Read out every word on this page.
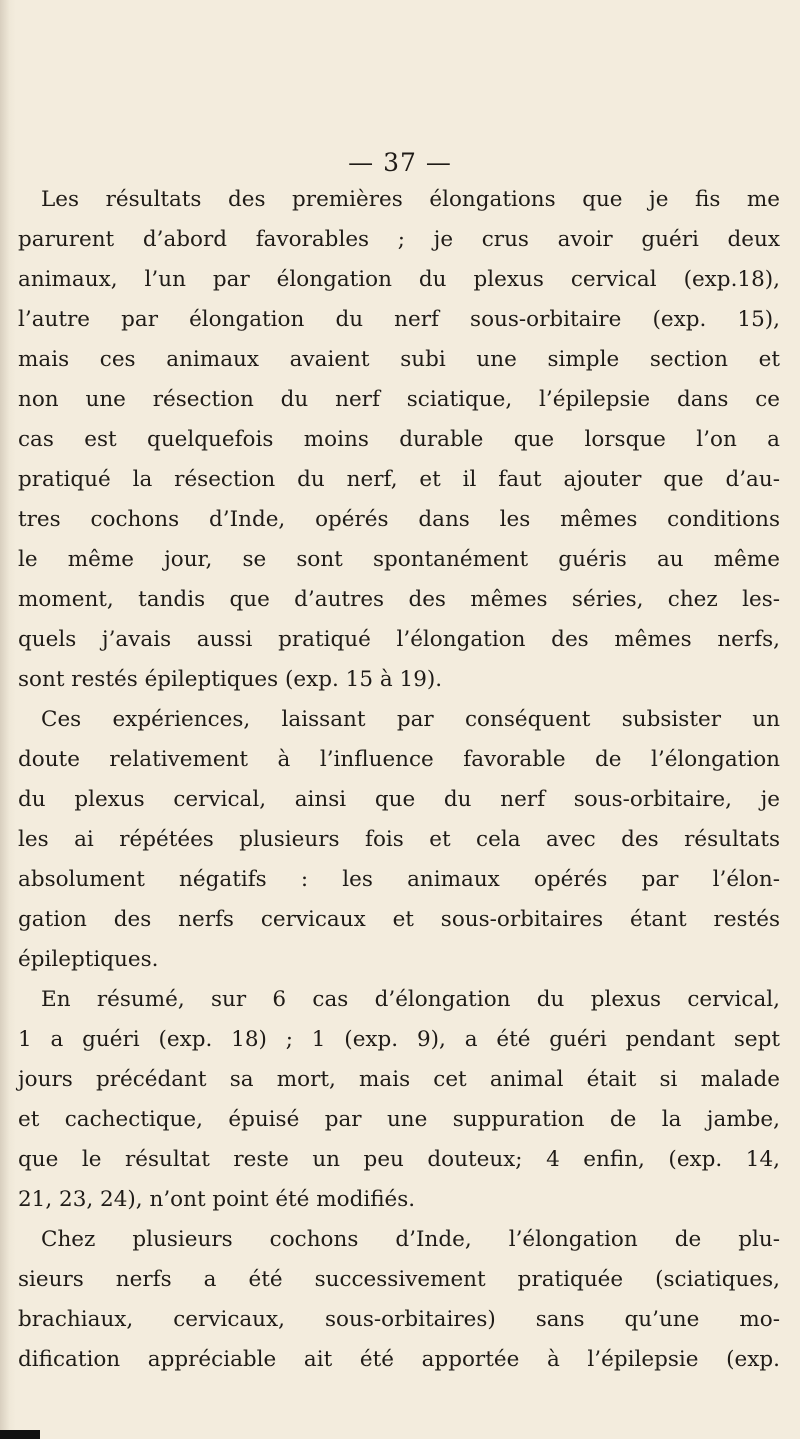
— 37 —
Les résultats des premières élongations que je fis me
parurent d’abord favorables ; je crus avoir guéri deux
animaux, l’un par élongation du plexus cervical (exp.18),
l’autre par élongation du nerf sous-orbitaire (exp. 15),
mais ces animaux avaient subi une simple section et
non une résection du nerf sciatique, l’épilepsie dans ce
cas est quelquefois moins durable que lorsque l’on a
pratiqué la résection du nerf, et il faut ajouter que d’au-
tres cochons d’Inde, opérés dans les mêmes conditions
le même jour, se sont spontanément guéris au même
moment, tandis que d’autres des mêmes séries, chez les-
quels j’avais aussi pratiqué l’élongation des mêmes nerfs,
sont restés épileptiques (exp. 15 à 19).
Ces expériences, laissant par conséquent subsister un
doute relativement à l’influence favorable de l’élongation
du plexus cervical, ainsi que du nerf sous-orbitaire, je
les ai répétées plusieurs fois et cela avec des résultats
absolument négatifs : les animaux opérés par l’élon-
gation des nerfs cervicaux et sous-orbitaires étant restés
épileptiques.
En résumé, sur 6 cas d’élongation du plexus cervical,
1 a guéri (exp. 18) ; 1 (exp. 9), a été guéri pendant sept
jours précédant sa mort, mais cet animal était si malade
et cachectique, épuisé par une suppuration de la jambe,
que le résultat reste un peu douteux; 4 enfin, (exp. 14,
21, 23, 24), n’ont point été modifiés.
Chez plusieurs cochons d’Inde, l’élongation de plu-
sieurs nerfs a été successivement pratiquée (sciatiques,
brachiaux, cervicaux, sous-orbitaires) sans qu’une mo-
dification appréciable ait été apportée à l’épilepsie (exp.
